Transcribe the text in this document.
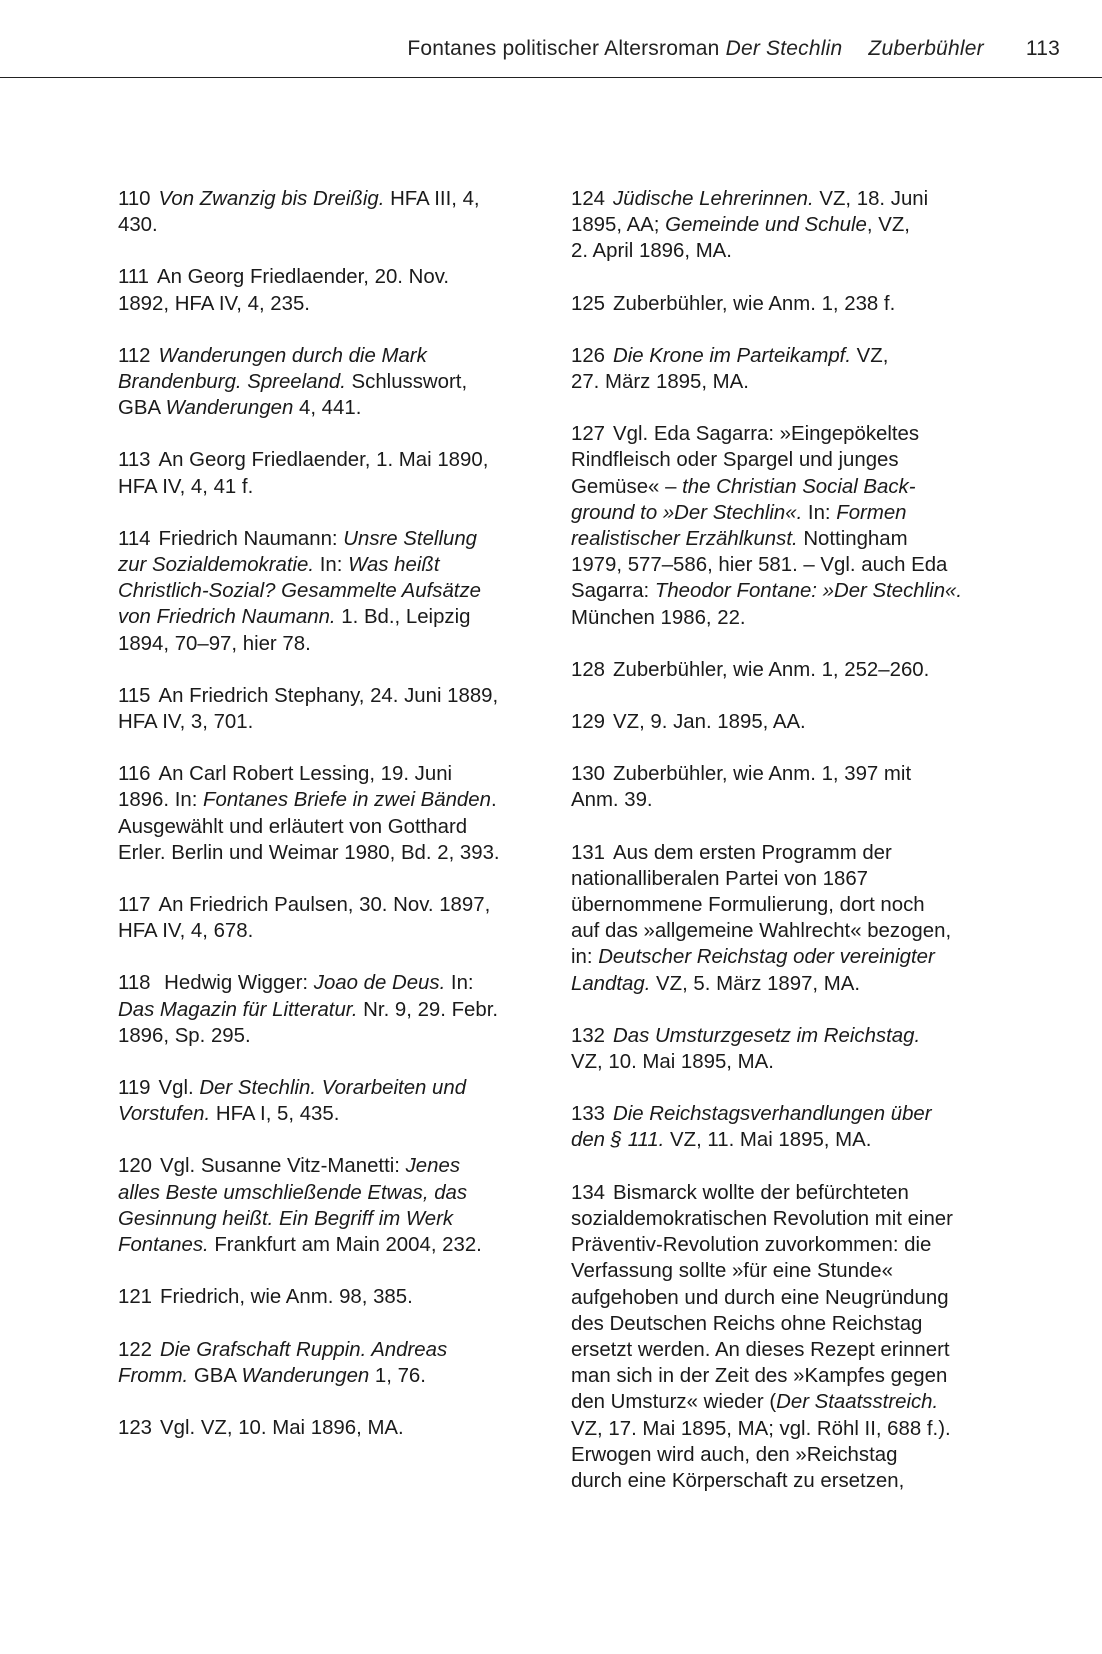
Fontanes politischer Altersroman Der Stechlin Zuberbühler 113
110 Von Zwanzig bis Dreißig. HFA III, 4,
430.
111 An Georg Friedlaender, 20. Nov.
1892, HFA IV, 4, 235.
112 Wanderungen durch die Mark
Brandenburg. Spreeland. Schlusswort,
GBA Wanderungen 4, 441.
113 An Georg Friedlaender, 1. Mai 1890,
HFA IV, 4, 41 f.
114 Friedrich Naumann: Unsre Stellung
zur Sozialdemokratie. In: Was heißt
Christlich-Sozial? Gesammelte Aufsätze
von Friedrich Naumann. 1. Bd., Leipzig
1894, 70–97, hier 78.
115 An Friedrich Stephany, 24. Juni 1889,
HFA IV, 3, 701.
116 An Carl Robert Lessing, 19. Juni
1896. In: Fontanes Briefe in zwei Bänden.
Ausgewählt und erläutert von Gotthard
Erler. Berlin und Weimar 1980, Bd. 2, 393.
117 An Friedrich Paulsen, 30. Nov. 1897,
HFA IV, 4, 678.
118 Hedwig Wigger: Joao de Deus. In:
Das Magazin für Litteratur. Nr. 9, 29. Febr.
1896, Sp. 295.
119 Vgl. Der Stechlin. Vorarbeiten und
Vorstufen. HFA I, 5, 435.
120 Vgl. Susanne Vitz-Manetti: Jenes
alles Beste umschließende Etwas, das
Gesinnung heißt. Ein Begriff im Werk
Fontanes. Frankfurt am Main 2004, 232.
121 Friedrich, wie Anm. 98, 385.
122 Die Grafschaft Ruppin. Andreas
Fromm. GBA Wanderungen 1, 76.
123 Vgl. VZ, 10. Mai 1896, MA.
124 Jüdische Lehrerinnen. VZ, 18. Juni
1895, AA; Gemeinde und Schule, VZ,
2. April 1896, MA.
125 Zuberbühler, wie Anm. 1, 238 f.
126 Die Krone im Parteikampf. VZ,
27. März 1895, MA.
127 Vgl. Eda Sagarra: »Eingepökeltes
Rindfleisch oder Spargel und junges
Gemüse« – the Christian Social Back-
ground to »Der Stechlin«. In: Formen
realistischer Erzählkunst. Nottingham
1979, 577–586, hier 581. – Vgl. auch Eda
Sagarra: Theodor Fontane: »Der Stechlin«.
München 1986, 22.
128 Zuberbühler, wie Anm. 1, 252–260.
129 VZ, 9. Jan. 1895, AA.
130 Zuberbühler, wie Anm. 1, 397 mit
Anm. 39.
131 Aus dem ersten Programm der
nationalliberalen Partei von 1867
übernommene Formulierung, dort noch
auf das »allgemeine Wahlrecht« bezogen,
in: Deutscher Reichstag oder vereinigter
Landtag. VZ, 5. März 1897, MA.
132 Das Umsturzgesetz im Reichstag.
VZ, 10. Mai 1895, MA.
133 Die Reichstagsverhandlungen über
den § 111. VZ, 11. Mai 1895, MA.
134 Bismarck wollte der befürchteten
sozialdemokratischen Revolution mit einer
Präventiv-Revolution zuvorkommen: die
Verfassung sollte »für eine Stunde«
aufgehoben und durch eine Neugründung
des Deutschen Reichs ohne Reichstag
ersetzt werden. An dieses Rezept erinnert
man sich in der Zeit des »Kampfes gegen
den Umsturz« wieder (Der Staatsstreich.
VZ, 17. Mai 1895, MA; vgl. Röhl II, 688 f.).
Erwogen wird auch, den »Reichstag
durch eine Körperschaft zu ersetzen,
